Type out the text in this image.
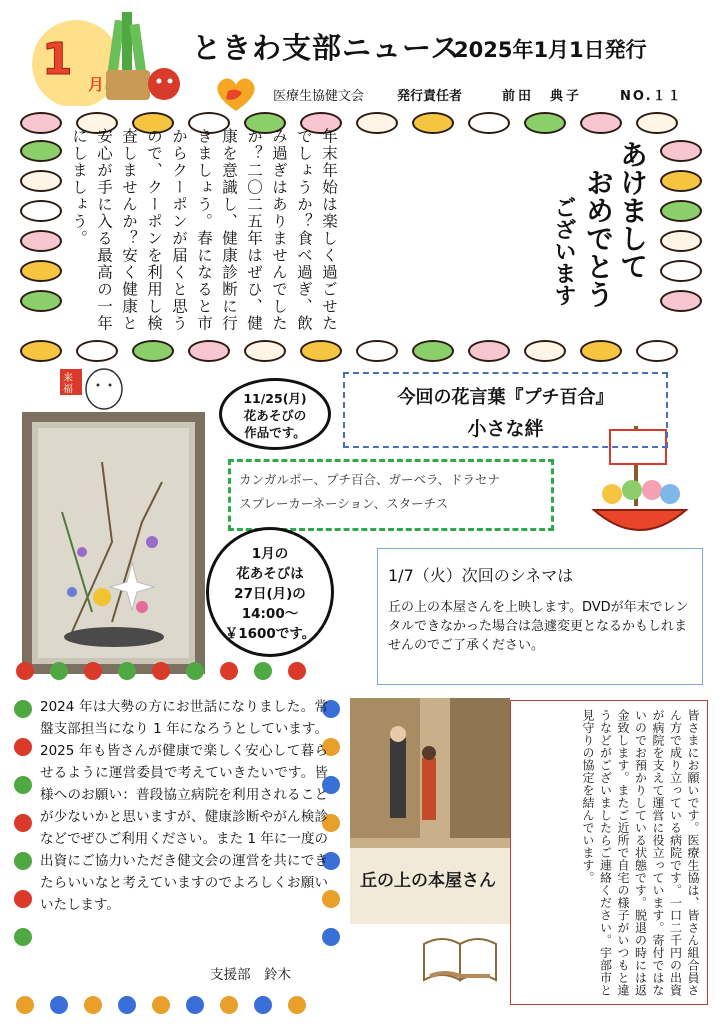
1 月
ときわ支部ニュース
2025年1月1日発行
医療生協健文会	発行責任者	前田　典子	NO.１１
年末年始は楽しく過ごせたでしょうか？食べ過ぎ、飲み過ぎはありませんでしたか？二〇二五年はぜひ、健康を意識し、健康診断に行きましょう。春になると市からクーポンが届くと思うので、クーポンを利用し検査しませんか？安く健康と安心が手に入る最高の一年にしましょう。	あけまして
おめでとう
ございます
来
福	今回の花言葉『プチ百合』
小さな絆
カンガルポー、プチ百合、ガーベラ、ドラセナ
スプレーカーネーション、スターチス
11/25(月)
花あそびの
作品です。
1月の
花あそびは
27日(月)の
14:00～
￥1600です。
1/7（火）次回のシネマは
丘の上の本屋さんを上映します。DVDが年末でレンタルできなかった場合は急遽変更となるかもしれませんのでご了承ください。
2024 年は大勢の方にお世話になりました。常盤支部担当になり 1 年になろうとしています。2025 年も皆さんが健康で楽しく安心して暮らせるように運営委員で考えていきたいです。皆様へのお願い：普段協立病院を利用されることが少ないかと思いますが、健康診断やがん検診などでぜひご利用ください。また 1 年に一度の出資にご協力いただき健文会の運営を共にできたらいいなと考えていますのでよろしくお願いいたします。
支援部　鈴木
丘の上の本屋さん	皆さまにお願いです。医療生協は、皆さん組合員さん方で成り立っている病院です。一口二千円の出資が病院を支えて運営に役立っています。寄付ではないのでお預かりしている状態です。脱退の時には返金致します。またご近所で自宅の様子がいつもと違うなどがございましたらご連絡ください。宇部市と見守りの協定を結んでいます。
